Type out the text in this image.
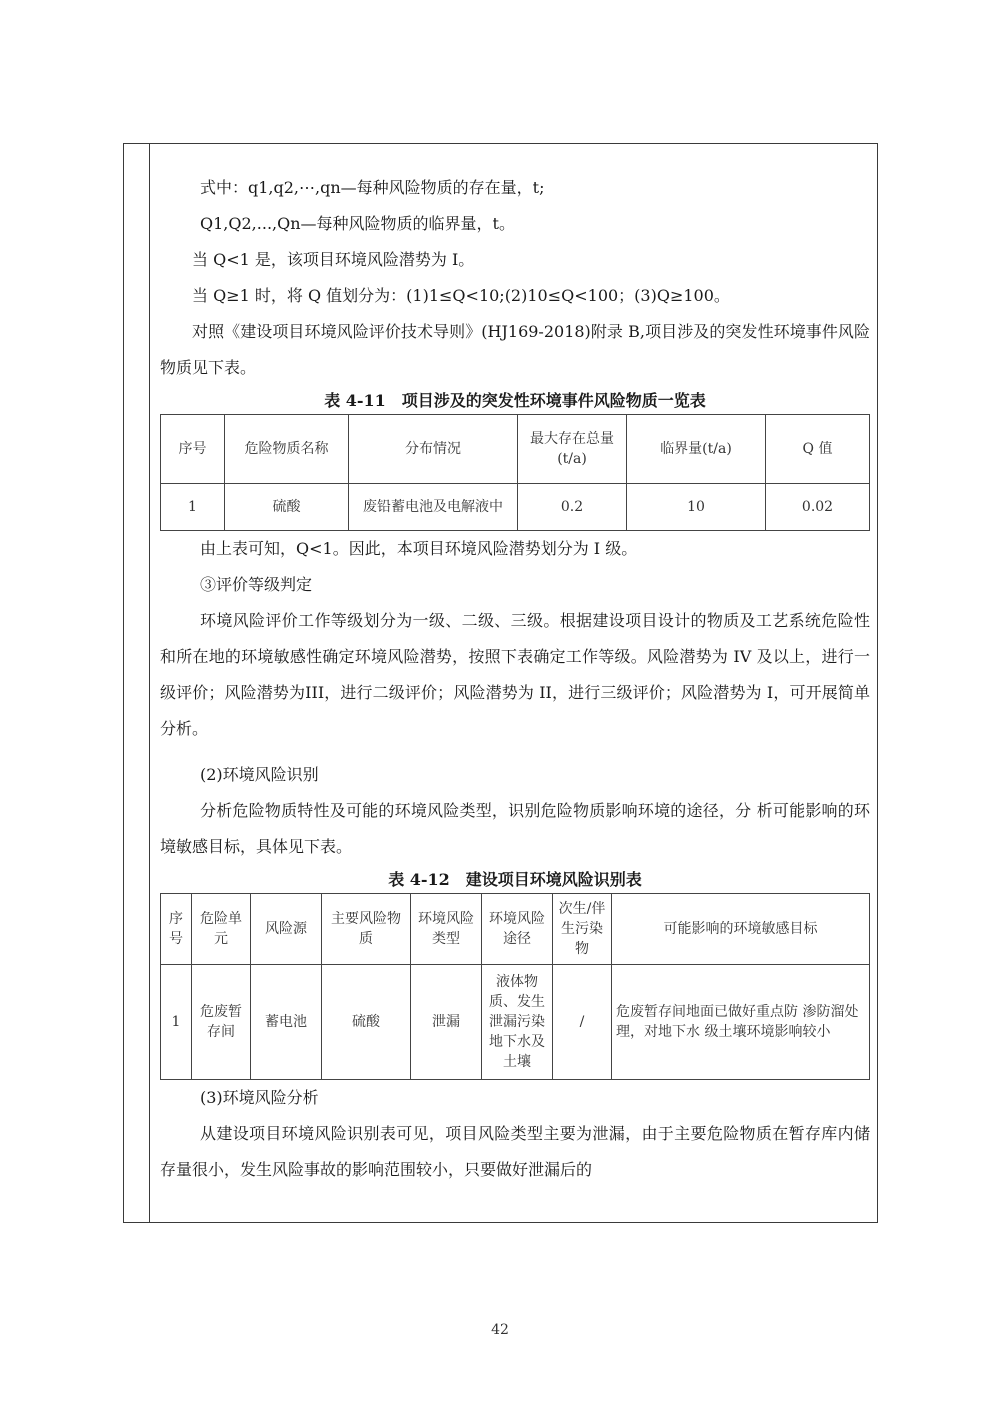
式中：q1,q2,⋯,qn—每种风险物质的存在量，t;

Q1,Q2,...,Qn—每种风险物质的临界量，t。

当 Q<1 是，该项目环境风险潜势为 I。

当 Q≥1 时，将 Q 值划分为：(1)1≤Q<10;(2)10≤Q<100；(3)Q≥100。

对照《建设项目环境风险评价技术导则》(HJ169-2018)附录 B,项目涉及的突发性环境事件风险物质见下表。

表 4-11　项目涉及的突发性环境事件风险物质一览表
序号	危险物质名称	分布情况	最大存在总量(t/a)	临界量(t/a)	Q 值
1	硫酸	废铅蓄电池及电解液中	0.2	10	0.02

由上表可知，Q<1。因此，本项目环境风险潜势划分为 I 级。

③评价等级判定

环境风险评价工作等级划分为一级、二级、三级。根据建设项目设计的物质及工艺系统危险性和所在地的环境敏感性确定环境风险潜势，按照下表确定工作等级。风险潜势为 IV 及以上，进行一级评价；风险潜势为III，进行二级评价；风险潜势为 II，进行三级评价；风险潜势为 I，可开展简单分析。

(2)环境风险识别

分析危险物质特性及可能的环境风险类型，识别危险物质影响环境的途径，分 析可能影响的环境敏感目标，具体见下表。

表 4-12　建设项目环境风险识别表
序号	危险单元	风险源	主要风险物质	环境风险类型	环境风险途径	次生/伴生污染物	可能影响的环境敏感目标
1	危废暂存间	蓄电池	硫酸	泄漏	液体物质、发生泄漏污染地下水及土壤	/	危废暂存间地面已做好重点防 渗防溜处理，对地下水 级土壤环境影响较小

(3)环境风险分析

从建设项目环境风险识别表可见，项目风险类型主要为泄漏，由于主要危险物质在暂存库内储存量很小，发生风险事故的影响范围较小，只要做好泄漏后的

42
